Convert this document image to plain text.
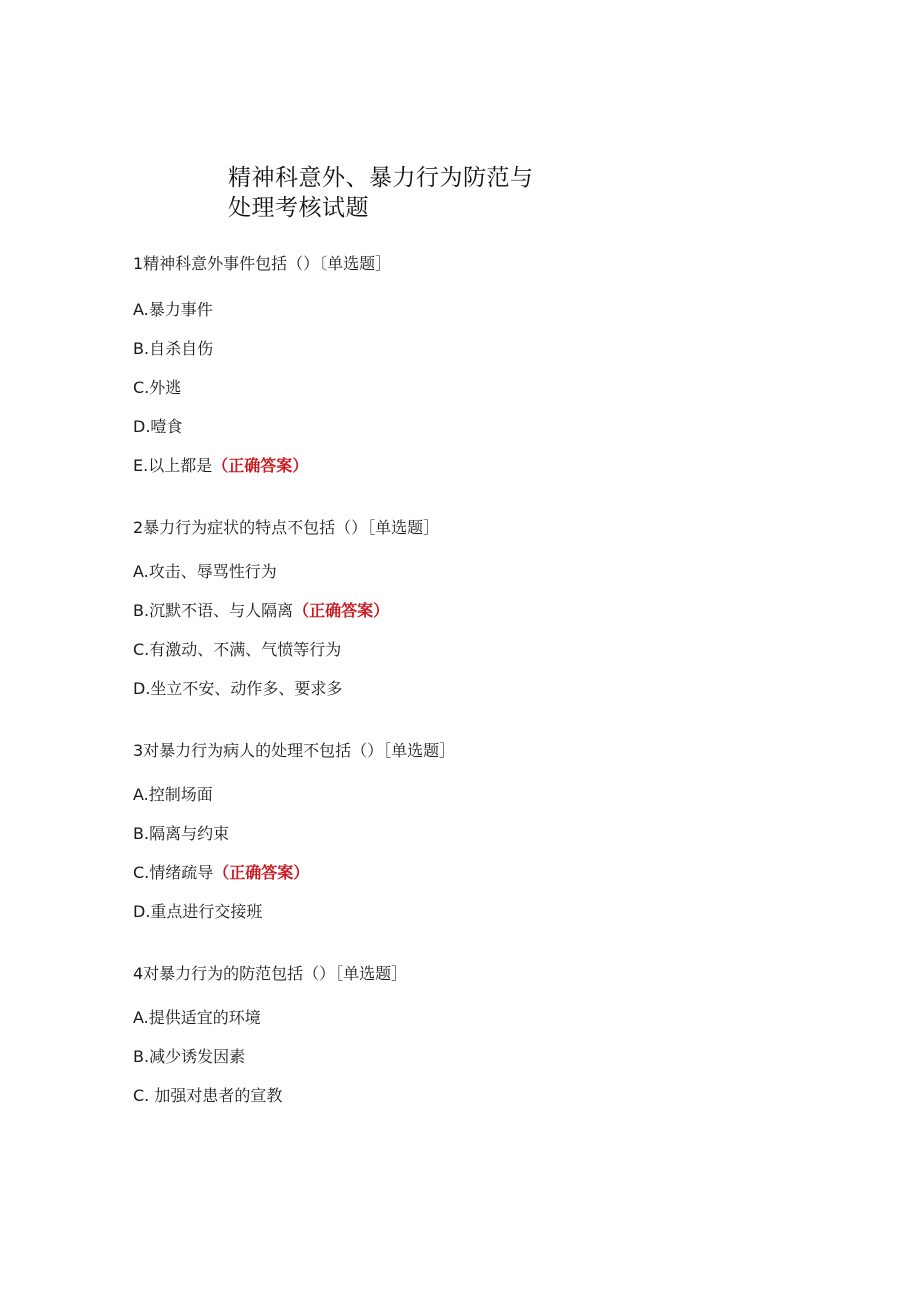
精神科意外、暴力行为防范与
处理考核试题
1精神科意外事件包括（）〔单选题］
A.暴力事件
B.自杀自伤
C.外逃
D.噎食
E.以上都是（正确答案）
2暴力行为症状的特点不包括（）［单选题］
A.攻击、辱骂性行为
B.沉默不语、与人隔离（正确答案）
C.有激动、不满、气愤等行为
D.坐立不安、动作多、要求多
3对暴力行为病人的处理不包括（）［单选题］
A.控制场面
B.隔离与约束
C.情绪疏导（正确答案）
D.重点进行交接班
4对暴力行为的防范包括（）［单选题］
A.提供适宜的环境
B.减少诱发因素
C. 加强对患者的宣教
